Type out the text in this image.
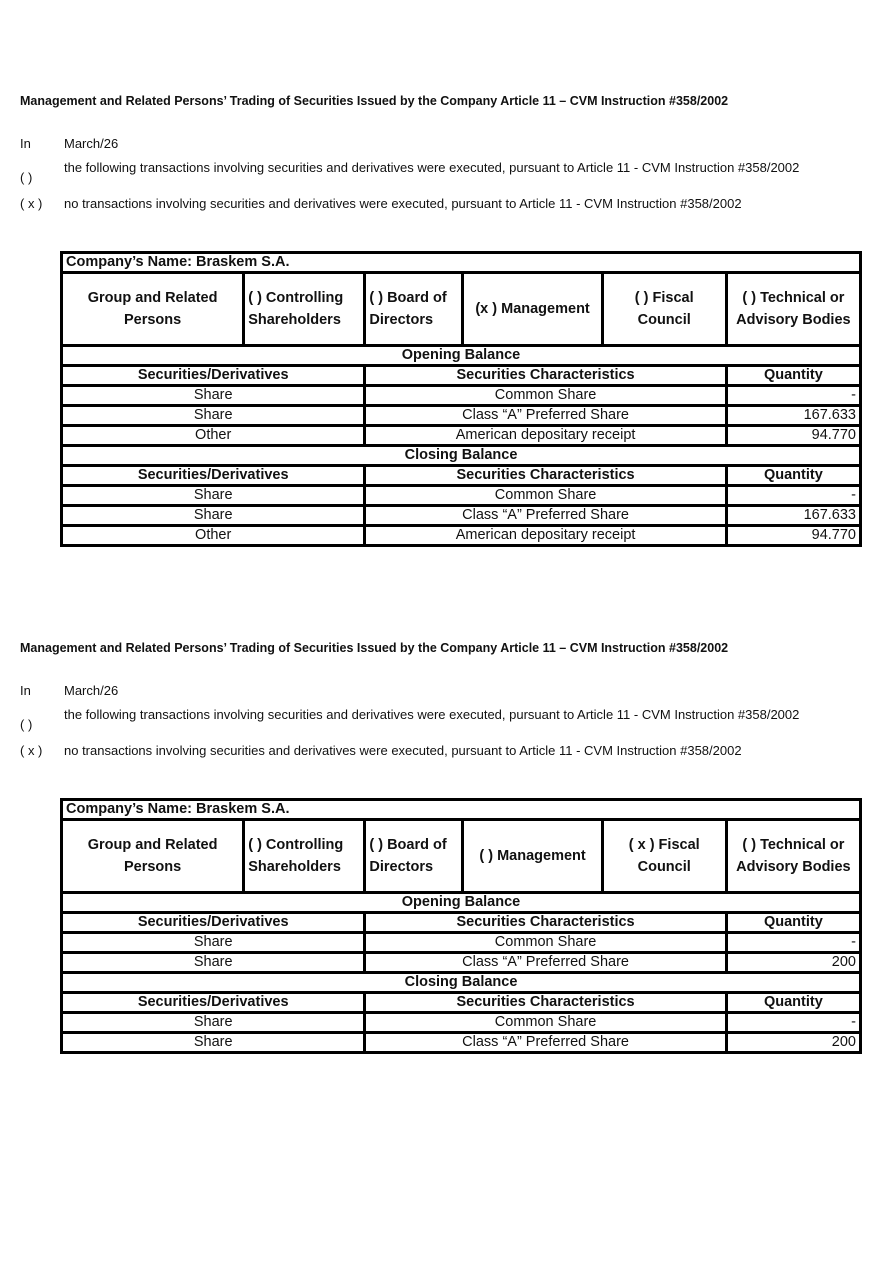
Management and Related Persons’ Trading of Securities Issued by the Company Article 11 – CVM Instruction #358/2002

In	March/26
( )
the following transactions involving securities and derivatives were executed, pursuant to Article 11 - CVM Instruction #358/2002
( x )	no transactions involving securities and derivatives were executed, pursuant to Article 11 - CVM Instruction #358/2002
Company’s Name: Braskem S.A.					
Group and Related Persons	( ) Controlling Shareholders	( ) Board of Directors	(x ) Management	( ) Fiscal Council	( ) Technical or Advisory Bodies
Opening Balance					
Securities/Derivatives		Securities Characteristics			Quantity
Share		Common Share			-
Share		Class “A” Preferred Share			167.633
Other		American depositary receipt			94.770
Closing Balance					
Securities/Derivatives		Securities Characteristics			Quantity
Share		Common Share			-
Share		Class “A” Preferred Share			167.633
Other		American depositary receipt			94.770

Management and Related Persons’ Trading of Securities Issued by the Company Article 11 – CVM Instruction #358/2002

In	March/26
( )
the following transactions involving securities and derivatives were executed, pursuant to Article 11 - CVM Instruction #358/2002
( x )	no transactions involving securities and derivatives were executed, pursuant to Article 11 - CVM Instruction #358/2002
Company’s Name: Braskem S.A.					
Group and Related Persons	( ) Controlling Shareholders	( ) Board of Directors	( ) Management	( x ) Fiscal Council	( ) Technical or Advisory Bodies
Opening Balance					
Securities/Derivatives		Securities Characteristics			Quantity
Share		Common Share			-
Share		Class “A” Preferred Share			200
Closing Balance					
Securities/Derivatives		Securities Characteristics			Quantity
Share		Common Share			-
Share		Class “A” Preferred Share			200
